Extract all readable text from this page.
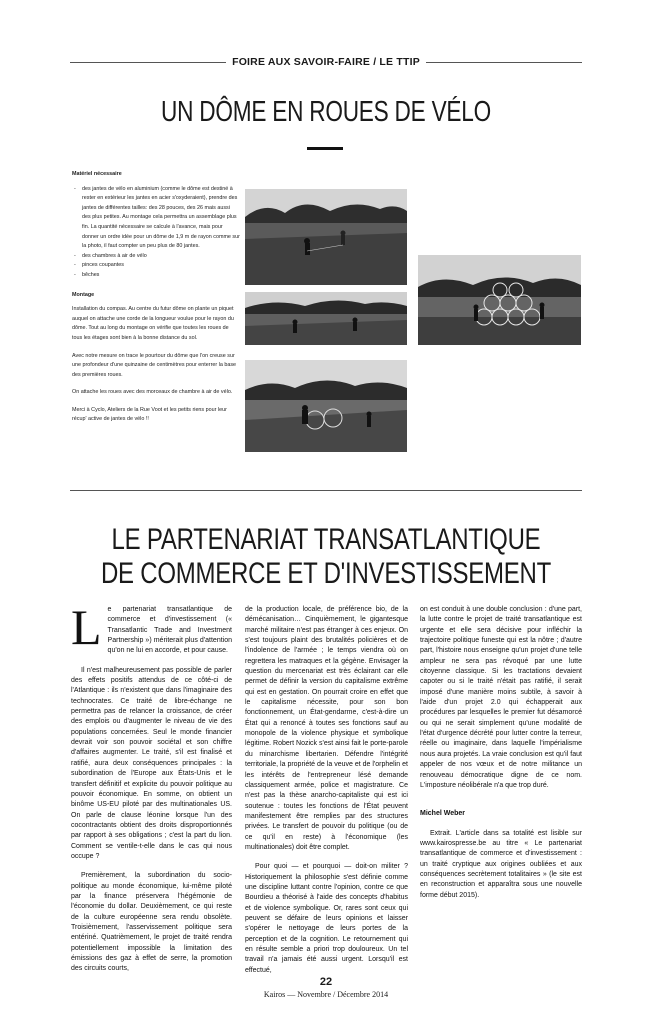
FOIRE AUX SAVOIR-FAIRE / LE TTIP
UN DÔME EN ROUES DE VÉLO

Matériel nécessaire

- des jantes de vélo en aluminium (comme le dôme est destiné à rester en extérieur les jantes en acier s'oxyderaient), prendre des jantes de différentes tailles: des 28 pouces, des 26 mais aussi des plus petites. Au montage cela permettra un assemblage plus fin. La quantité nécessaire se calcule à l'avance, mais pour donner un ordre idée pour un dôme de 1,9 m de rayon comme sur la photo, il faut compter un peu plus de 80 jantes.
- des chambres à air de vélo
- pinces coupantes
- bêches

Montage

Installation du compas. Au centre du futur dôme on plante un piquet auquel on attache une corde de la longueur voulue pour le rayon du dôme. Tout au long du montage on vérifie que toutes les roues de tous les étages sont bien à la bonne distance du sol.

Avec notre mesure on trace le pourtour du dôme que l'on creuse sur une profondeur d'une quinzaine de centimètres pour enterrer la base des premières roues.

On attache les roues avec des morceaux de chambre à air de vélo.

Merci à Cyclo, Ateliers de la Rue Voot et les petits riens pour leur récup' active de jantes de vélo !!

LE PARTENARIAT TRANSATLANTIQUE
DE COMMERCE ET D'INVESTISSEMENT

Le partenariat transatlantique de commerce et d'investissement (« Transatlantic Trade and Investment Partnership ») mériterait plus d'attention qu'on ne lui en accorde, et pour cause.

Il n'est malheureusement pas possible de parler des effets positifs attendus de ce côté-ci de l'Atlantique : ils n'existent que dans l'imaginaire des technocrates. Ce traité de libre-échange ne permettra pas de relancer la croissance, de créer des emplois ou d'augmenter le niveau de vie des populations concernées. Seul le monde financier devrait voir son pouvoir sociétal et son chiffre d'affaires augmenter. Le traité, s'il est finalisé et ratifié, aura deux conséquences principales : la subordination de l'Europe aux États-Unis et le transfert définitif et explicite du pouvoir politique au pouvoir économique. En somme, on obtient un binôme US-EU piloté par des multinationales US. On parle de clause léonine lorsque l'un des cocontractants obtient des droits disproportionnés par rapport à ses obligations ; c'est la part du lion. Comment se ventile-t-elle dans le cas qui nous occupe ?

Premièrement, la subordination du socio-politique au monde économique, lui-même piloté par la finance préservera l'hégémonie de l'économie du dollar. Deuxièmement, ce qui reste de la culture européenne sera rendu obsolète. Troisièmement, l'asservissement politique sera entériné. Quatrièmement, le projet de traité rendra potentiellement impossible la limitation des émissions des gaz à effet de serre, la promotion des circuits courts,

de la production locale, de préférence bio, de la démécanisation… Cinquièmement, le gigantesque marché militaire n'est pas étranger à ces enjeux. On s'est toujours plaint des brutalités policières et de l'indolence de l'armée ; le temps viendra où on regrettera les matraques et la gégène. Envisager la question du mercenariat est très éclairant car elle permet de définir la version du capitalisme extrême qui est en gestation. On pourrait croire en effet que le capitalisme nécessite, pour son bon fonctionnement, un État-gendarme, c'est-à-dire un État qui a renoncé à toutes ses fonctions sauf au monopole de la violence physique et symbolique légitime. Robert Nozick s'est ainsi fait le porte-parole du minarchisme libertarien. Défendre l'intégrité territoriale, la propriété de la veuve et de l'orphelin et les intérêts de l'entrepreneur lésé demande classiquement armée, police et magistrature. Ce n'est pas la thèse anarcho-capitaliste qui est ici soutenue : toutes les fonctions de l'État peuvent manifestement être remplies par des structures privées. Le transfert de pouvoir du politique (ou de ce qu'il en reste) à l'économique (les multinationales) doit être complet.

Pour quoi — et pourquoi — doit-on militer ? Historiquement la philosophie s'est définie comme une discipline luttant contre l'opinion, contre ce que Bourdieu a théorisé à l'aide des concepts d'habitus et de violence symbolique. Or, rares sont ceux qui peuvent se défaire de leurs opinions et laisser s'opérer le nettoyage de leurs portes de la perception et de la cognition. Le retournement qui en résulte semble a priori trop douloureux. Un tel travail n'a jamais été aussi urgent. Lorsqu'il est effectué,

on est conduit à une double conclusion : d'une part, la lutte contre le projet de traité transatlantique est urgente et elle sera décisive pour infléchir la trajectoire politique funeste qui est la nôtre ; d'autre part, l'histoire nous enseigne qu'un projet d'une telle ampleur ne sera pas révoqué par une lutte citoyenne classique. Si les tractations devaient capoter ou si le traité n'était pas ratifié, il serait imposé d'une manière moins subtile, à savoir à l'aide d'un projet 2.0 qui échapperait aux procédures par lesquelles le premier fut désamorcé ou qui ne serait simplement qu'une modalité de l'état d'urgence décrété pour lutter contre la terreur, réelle ou imaginaire, dans laquelle l'impérialisme nous aura projetés. La vraie conclusion est qu'il faut appeler de nos vœux et de notre militance un renouveau démocratique digne de ce nom. L'imposture néolibérale n'a que trop duré.

Michel Weber

Extrait. L'article dans sa totalité est lisible sur www.kairospresse.be au titre « Le partenariat transatlantique de commerce et d'investissement : un traité cryptique aux origines oubliées et aux conséquences secrètement totalitaires » (le site est en reconstruction et apparaîtra sous une nouvelle forme début 2015).

22
Kairos — Novembre / Décembre 2014
